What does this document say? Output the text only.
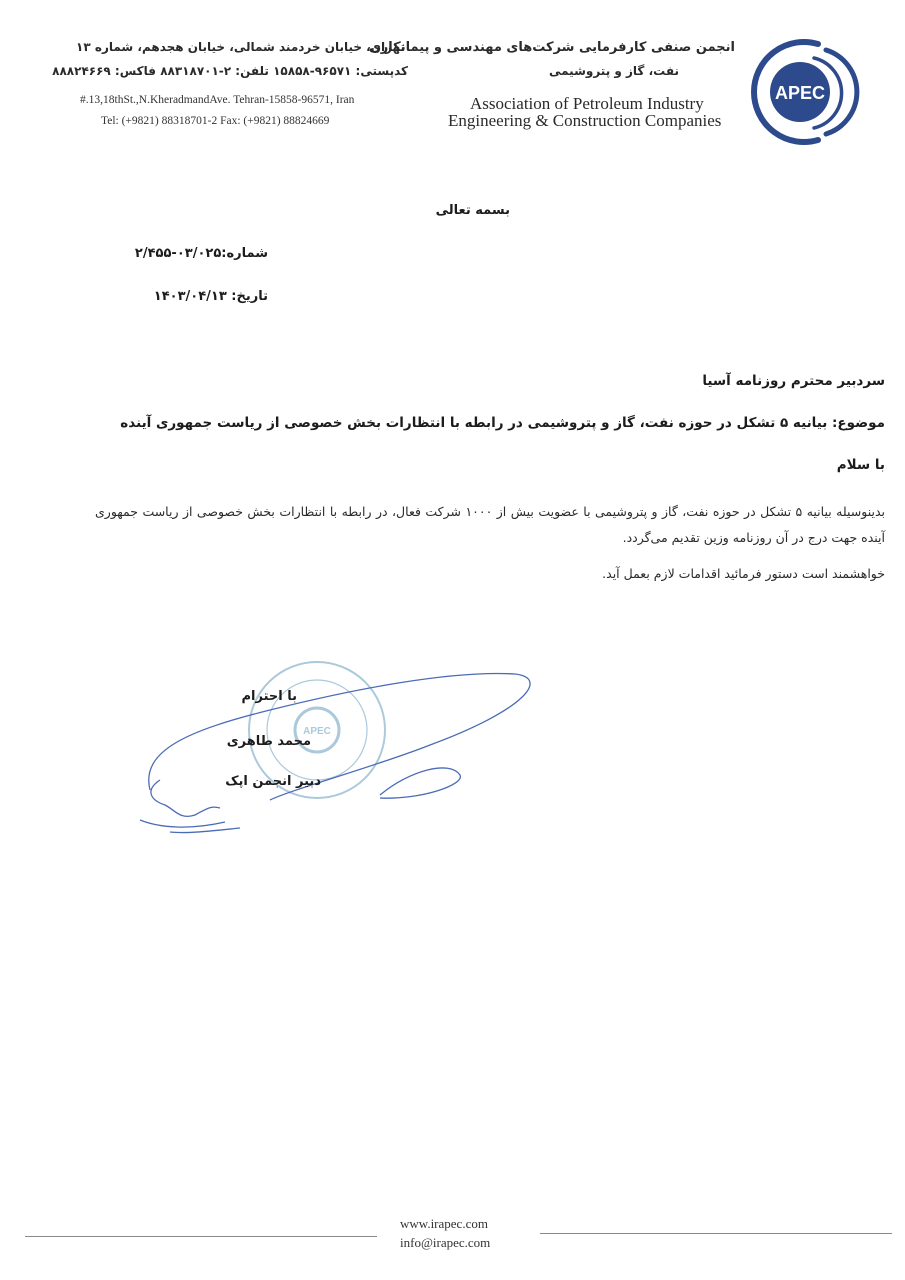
انجمن صنفی کارفرمایی شرکت‌های مهندسی و پیمانکاری
نفت، گاز و پتروشیمی
Association of Petroleum Industry
Engineering & Construction Companies
APEC
تهران، خیابان خردمند شمالی، خیابان هجدهم، شماره ۱۳
کدپستی: ۹۶۵۷۱-۱۵۸۵۸ تلفن: ۲-۸۸۳۱۸۷۰۱ فاکس: ۸۸۸۲۴۶۶۹
#.13,18thSt.,N.KheradmandAve. Tehran-15858-96571, Iran
Tel: (+9821) 88318701-2 Fax: (+9821) 88824669
بسمه تعالی
شماره:۰۳/۰۲۵-۲/۴۵۵
تاریخ: ۱۴۰۳/۰۴/۱۳
سردبیر محترم روزنامه آسیا
موضوع: بیانیه ۵ تشکل در حوزه نفت، گاز و پتروشیمی در رابطه با انتظارات بخش خصوصی از ریاست جمهوری آینده
با سلام
بدینوسیله بیانیه ۵ تشکل در حوزه نفت، گاز و پتروشیمی با عضویت بیش از ۱۰۰۰ شرکت فعال، در رابطه با انتظارات بخش خصوصی از ریاست جمهوری آینده جهت درج در آن روزنامه وزین تقدیم می‌گردد.
خواهشمند است دستور فرمائید اقدامات لازم بعمل آید.
APEC
با احترام
محمد طاهری
دبیر انجمن اپک
www.irapec.com
info@irapec.com
